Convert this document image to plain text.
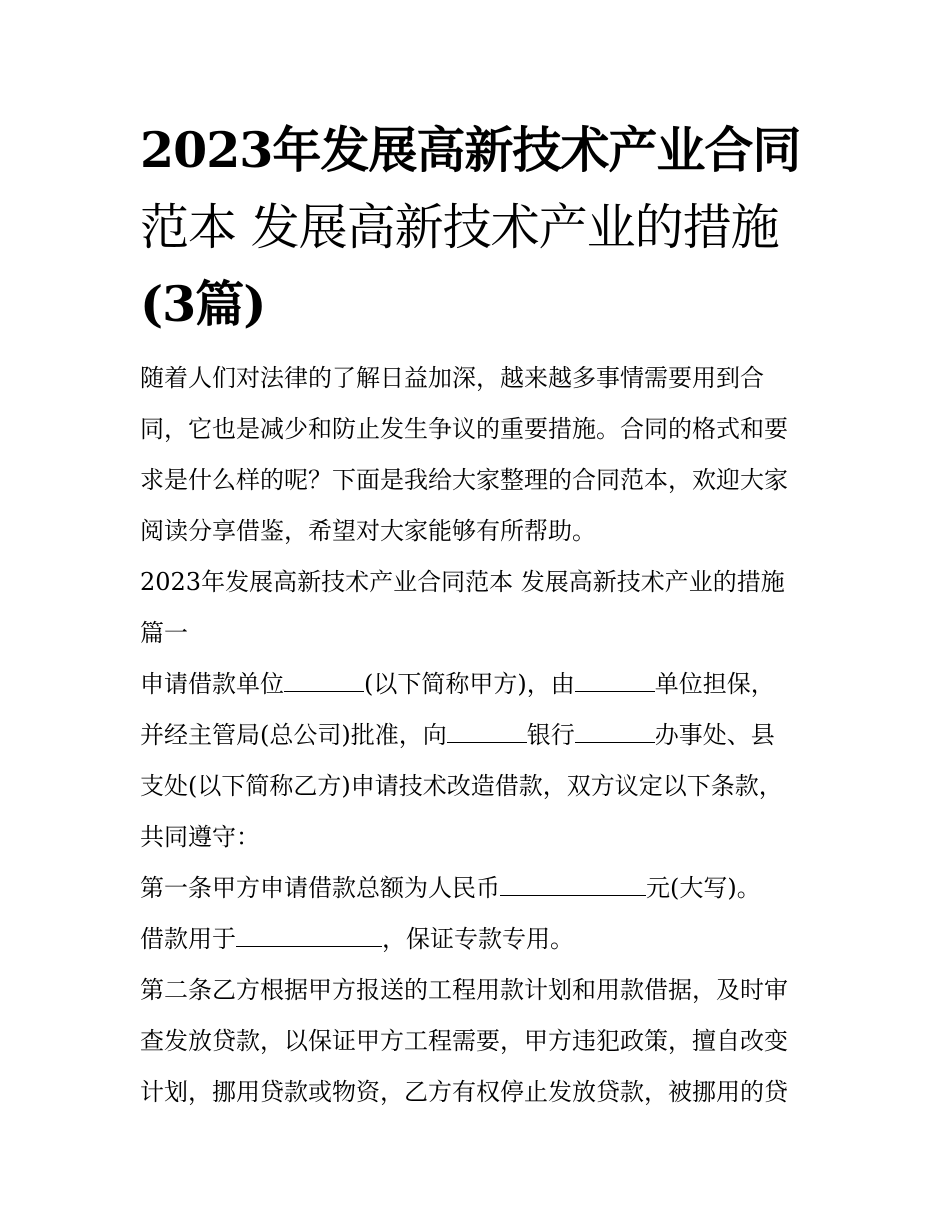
2023年发展高新技术产业合同
范本 发展高新技术产业的措施
(3篇)

随着人们对法律的了解日益加深，越来越多事情需要用到合
同，它也是减少和防止发生争议的重要措施。合同的格式和要
求是什么样的呢？下面是我给大家整理的合同范本，欢迎大家
阅读分享借鉴，希望对大家能够有所帮助。

2023年发展高新技术产业合同范本 发展高新技术产业的措施
篇一

申请借款单位	(以下简称甲方)，由	单位担保，
并经主管局(总公司)批准，向	银行	办事处、县
支处(以下简称乙方)申请技术改造借款，双方议定以下条款，
共同遵守：

第一条甲方申请借款总额为人民币	元(大写)。
借款用于	，保证专款专用。

第二条乙方根据甲方报送的工程用款计划和用款借据，及时审
查发放贷款，以保证甲方工程需要，甲方违犯政策，擅自改变
计划，挪用贷款或物资，乙方有权停止发放贷款，被挪用的贷
